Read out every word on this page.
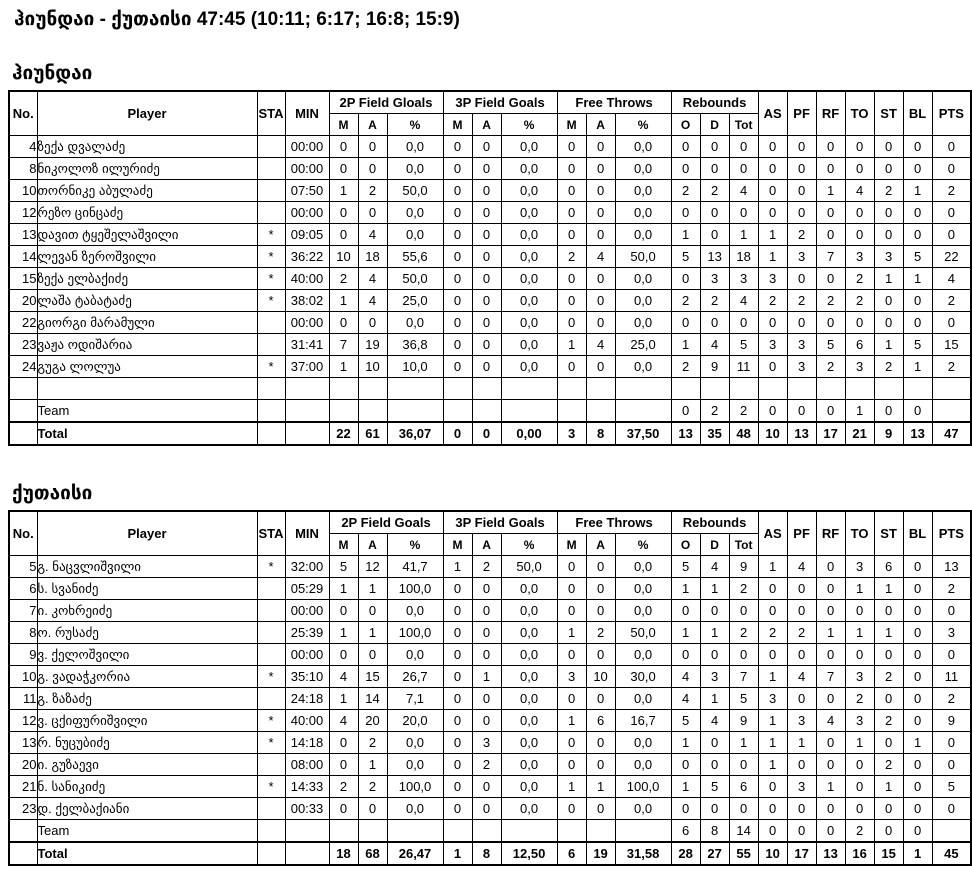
ჰიუნდაი - ქუთაისი 47:45 (10:11; 6:17; 16:8; 15:9)
ჰიუნდაი
No.	Player	STA	MIN	2P Field Gloals			3P Field Goals			Free Throws			Rebounds			AS	PF	RF	TO	ST	BL	PTS
				M	A	%	M	A	%	M	A	%	O	D	Tot							
4	ზექა დვალაძე		00:00	0	0	0,0	0	0	0,0	0	0	0,0	0	0	0	0	0	0	0	0	0	0
8	ნიკოლოზ ილურიძე		00:00	0	0	0,0	0	0	0,0	0	0	0,0	0	0	0	0	0	0	0	0	0	0
10	თორნიკე აბულაძე		07:50	1	2	50,0	0	0	0,0	0	0	0,0	2	2	4	0	0	1	4	2	1	2
12	რეზო ცინცაძე		00:00	0	0	0,0	0	0	0,0	0	0	0,0	0	0	0	0	0	0	0	0	0	0
13	დავით ტყეშელაშვილი	*	09:05	0	4	0,0	0	0	0,0	0	0	0,0	1	0	1	1	2	0	0	0	0	0
14	ლევან ზეროშვილი	*	36:22	10	18	55,6	0	0	0,0	2	4	50,0	5	13	18	1	3	7	3	3	5	22
15	ზექა ელბაქიძე	*	40:00	2	4	50,0	0	0	0,0	0	0	0,0	0	3	3	3	0	0	2	1	1	4
20	ლაშა ტაბატაძე	*	38:02	1	4	25,0	0	0	0,0	0	0	0,0	2	2	4	2	2	2	2	0	0	2
22	გიორგი მარამული		00:00	0	0	0,0	0	0	0,0	0	0	0,0	0	0	0	0	0	0	0	0	0	0
23	ვაჟა ოდიშარია		31:41	7	19	36,8	0	0	0,0	1	4	25,0	1	4	5	3	3	5	6	1	5	15
24	გუგა ლოლუა	*	37:00	1	10	10,0	0	0	0,0	0	0	0,0	2	9	11	0	3	2	3	2	1	2

	Team												0	2	2	0	0	0	1	0	0	
	Total			22	61	36,07	0	0	0,00	3	8	37,50	13	35	48	10	13	17	21	9	13	47
ქუთაისი
No.	Player	STA	MIN	2P Field Goals			3P Field Goals			Free Throws			Rebounds			AS	PF	RF	TO	ST	BL	PTS
				M	A	%	M	A	%	M	A	%	O	D	Tot							
5	გ. ნაცვლიშვილი	*	32:00	5	12	41,7	1	2	50,0	0	0	0,0	5	4	9	1	4	0	3	6	0	13
6	ს. სვანიძე		05:29	1	1	100,0	0	0	0,0	0	0	0,0	1	1	2	0	0	0	1	1	0	2
7	ი. კოხრეიძე		00:00	0	0	0,0	0	0	0,0	0	0	0,0	0	0	0	0	0	0	0	0	0	0
8	ო. რუსაძე		25:39	1	1	100,0	0	0	0,0	1	2	50,0	1	1	2	2	2	1	1	1	0	3
9	ვ. ქელოშვილი		00:00	0	0	0,0	0	0	0,0	0	0	0,0	0	0	0	0	0	0	0	0	0	0
10	გ. ვადაჭკორია	*	35:10	4	15	26,7	0	1	0,0	3	10	30,0	4	3	7	1	4	7	3	2	0	11
11	გ. ზაზაძე		24:18	1	14	7,1	0	0	0,0	0	0	0,0	4	1	5	3	0	0	2	0	0	2
12	ვ. ცქიფურიშვილი	*	40:00	4	20	20,0	0	0	0,0	1	6	16,7	5	4	9	1	3	4	3	2	0	9
13	რ. ნუცუბიძე	*	14:18	0	2	0,0	0	3	0,0	0	0	0,0	1	0	1	1	1	0	1	0	1	0
20	ი. გუზაევი		08:00	0	1	0,0	0	2	0,0	0	0	0,0	0	0	0	1	0	0	0	2	0	0
21	ნ. სანიკიძე	*	14:33	2	2	100,0	0	0	0,0	1	1	100,0	1	5	6	0	3	1	0	1	0	5
23	დ. ქელბაქიანი		00:33	0	0	0,0	0	0	0,0	0	0	0,0	0	0	0	0	0	0	0	0	0	0
	Team												6	8	14	0	0	0	2	0	0	
	Total			18	68	26,47	1	8	12,50	6	19	31,58	28	27	55	10	17	13	16	15	1	45
